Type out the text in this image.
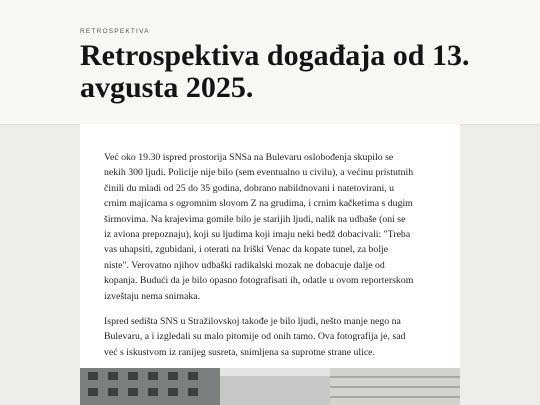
RETROSPEKTIVA
Retrospektiva događaja od 13. avgusta 2025.

Već oko 19.30 ispred prostorija SNSa na Bulevaru oslobođenja skupilo se nekih 300 ljudi. Policije nije bilo (sem eventualno u civilu), a većinu pristutnih činili du mladi od 25 do 35 godina, dobrano nabildnovani i natetovirani, u crnim majicama s ogromnim slovom Z na grudima, i crnim kačketima s dugim širmovima. Na krajevima gomile bilo je starijih ljudi, nalik na udbaše (oni se iz aviona prepoznaju), koji su ljudima koji imaju neki bedž dobacivali: "Treba vas uhapsiti, zgubidani, i oterati na Iriški Venac da kopate tunel, za bolje niste". Verovatno njihov udbaški radikalski mozak ne dobacuje dalje od kopanja. Budući da je bilo opasno fotografisati ih, odatle u ovom reporterskom izveštaju nema snimaka.

Ispred sedišta SNS u Stražilovskoj takođe je bilo ljudi, nešto manje nego na Bulevaru, a i izgledali su malo pitomije od onih tamo. Ova fotografija je, sad već s iskustvom iz ranijeg susreta, snimljena sa suprotne strane ulice.
